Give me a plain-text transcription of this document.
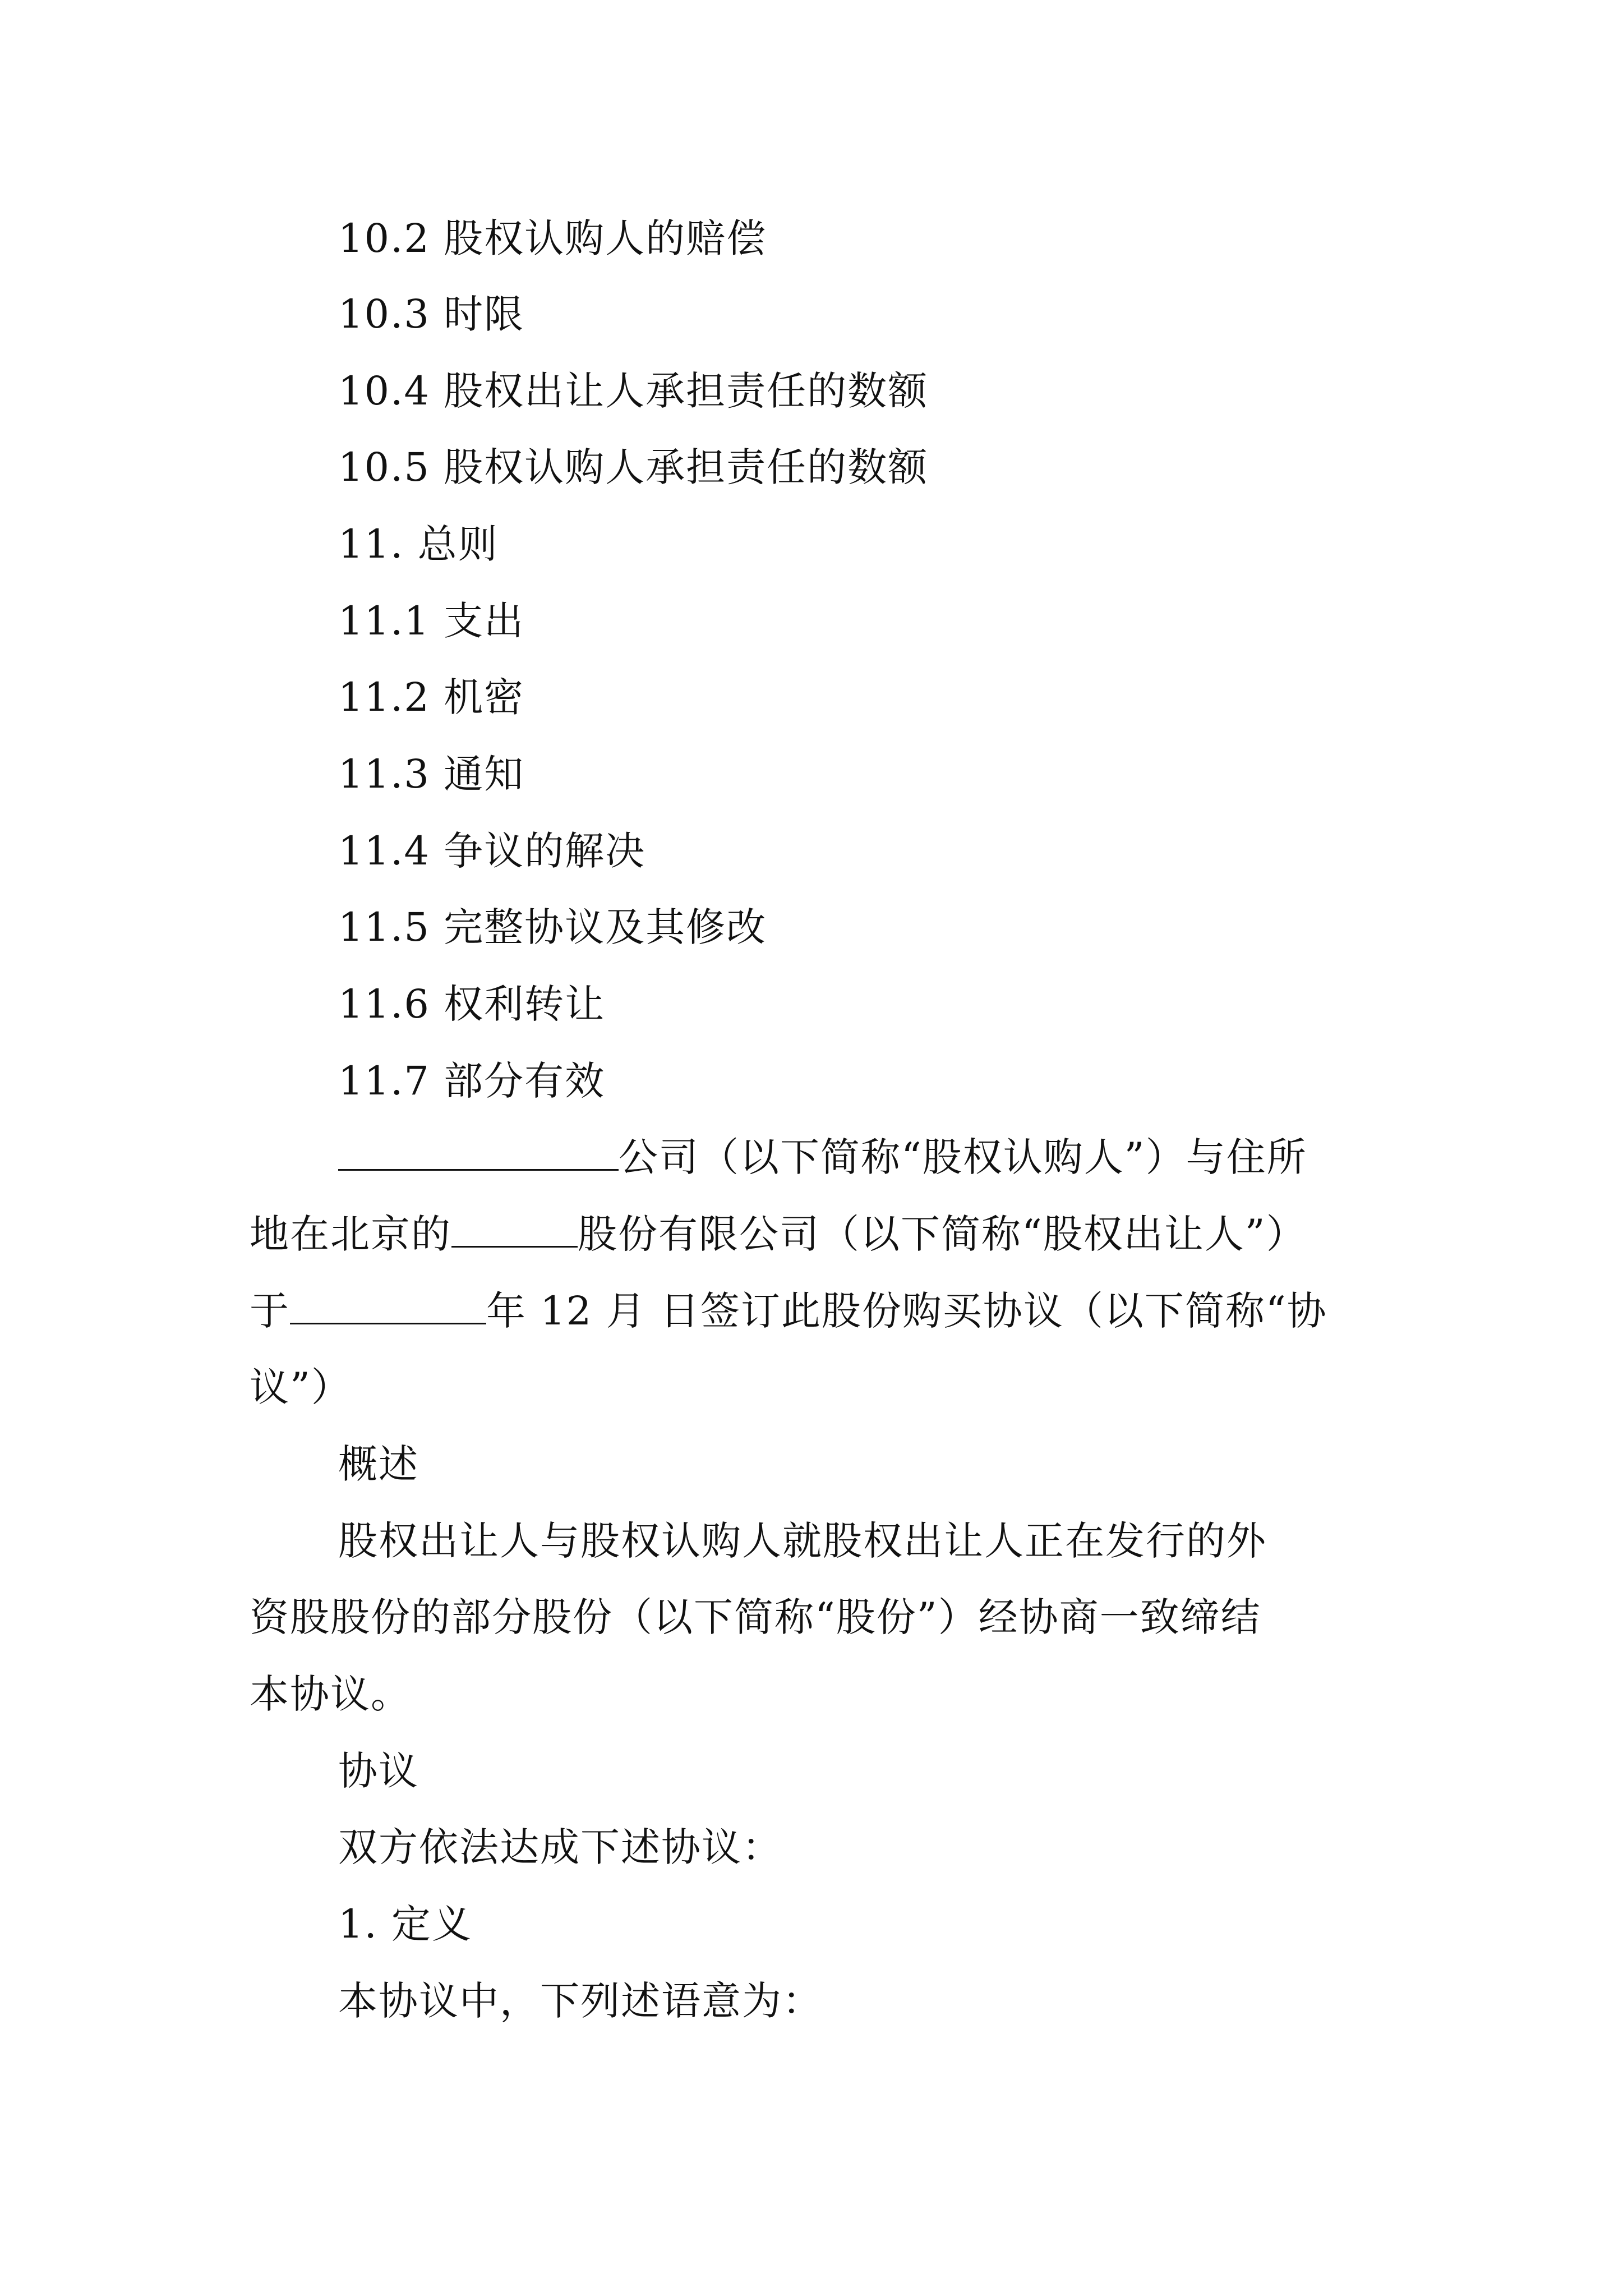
10.2 股权认购人的赔偿
10.3 时限
10.4 股权出让人承担责任的数额
10.5 股权认购人承担责任的数额
11. 总则
11.1 支出
11.2 机密
11.3 通知
11.4 争议的解决
11.5 完整协议及其修改
11.6 权利转让
11.7 部分有效
公司（以下简称“股权认购人”）与住所
地在北京的	股份有限公司（以下简称“股权出让人”）
于	年 12 月 日签订此股份购买协议（以下简称“协
议”）
概述
股权出让人与股权认购人就股权出让人正在发行的外
资股股份的部分股份（以下简称“股份”）经协商一致缔结
本协议。
协议
双方依法达成下述协议：
1. 定义
本协议中，下列述语意为：
